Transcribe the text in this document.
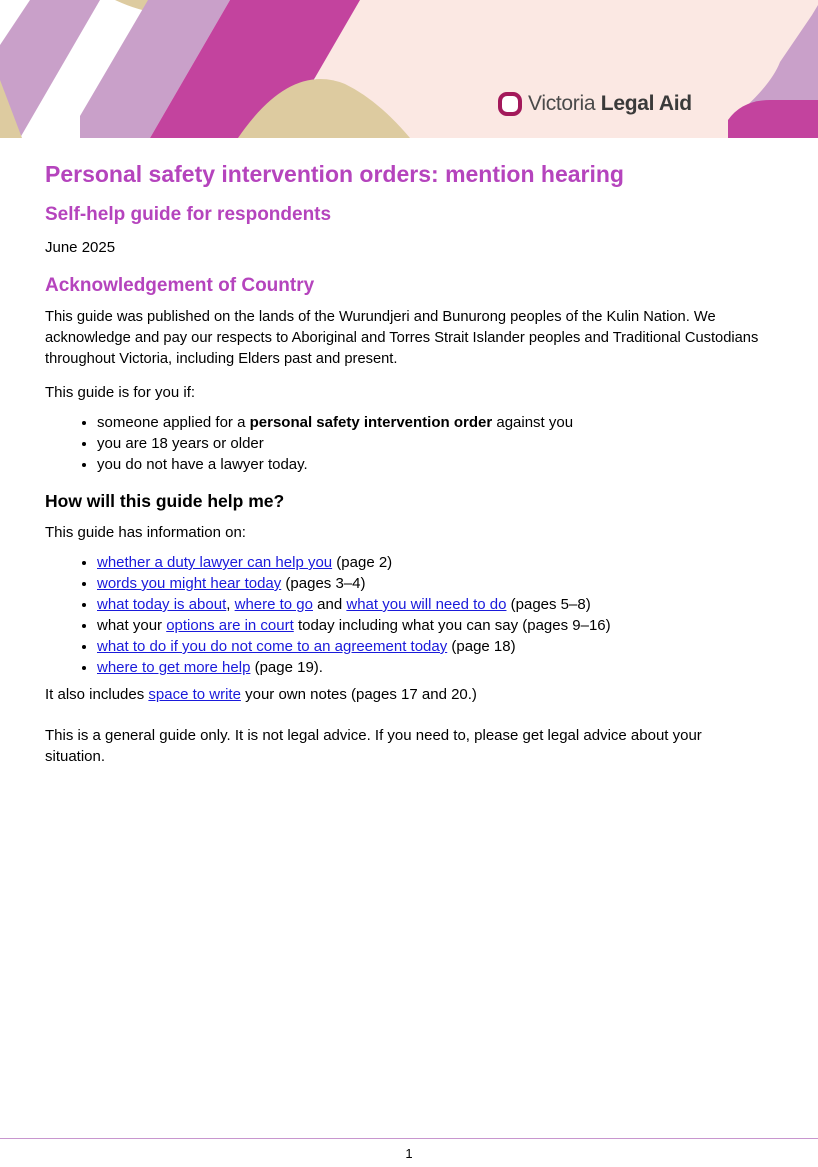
Victoria Legal Aid
Personal safety intervention orders: mention hearing
Self-help guide for respondents

June 2025

Acknowledgement of Country

This guide was published on the lands of the Wurundjeri and Bunurong peoples of the Kulin Nation. We acknowledge and pay our respects to Aboriginal and Torres Strait Islander peoples and Traditional Custodians throughout Victoria, including Elders past and present.

This guide is for you if:

• someone applied for a personal safety intervention order against you
• you are 18 years or older
• you do not have a lawyer today.
How will this guide help me?

This guide has information on:

• whether a duty lawyer can help you (page 2)
• words you might hear today (pages 3–4)
• what today is about, where to go and what you will need to do (pages 5–8)
• what your options are in court today including what you can say (pages 9–16)
• what to do if you do not come to an agreement today (page 18)
• where to get more help (page 19).

It also includes space to write your own notes (pages 17 and 20.)

This is a general guide only. It is not legal advice. If you need to, please get legal advice about your situation.

1
